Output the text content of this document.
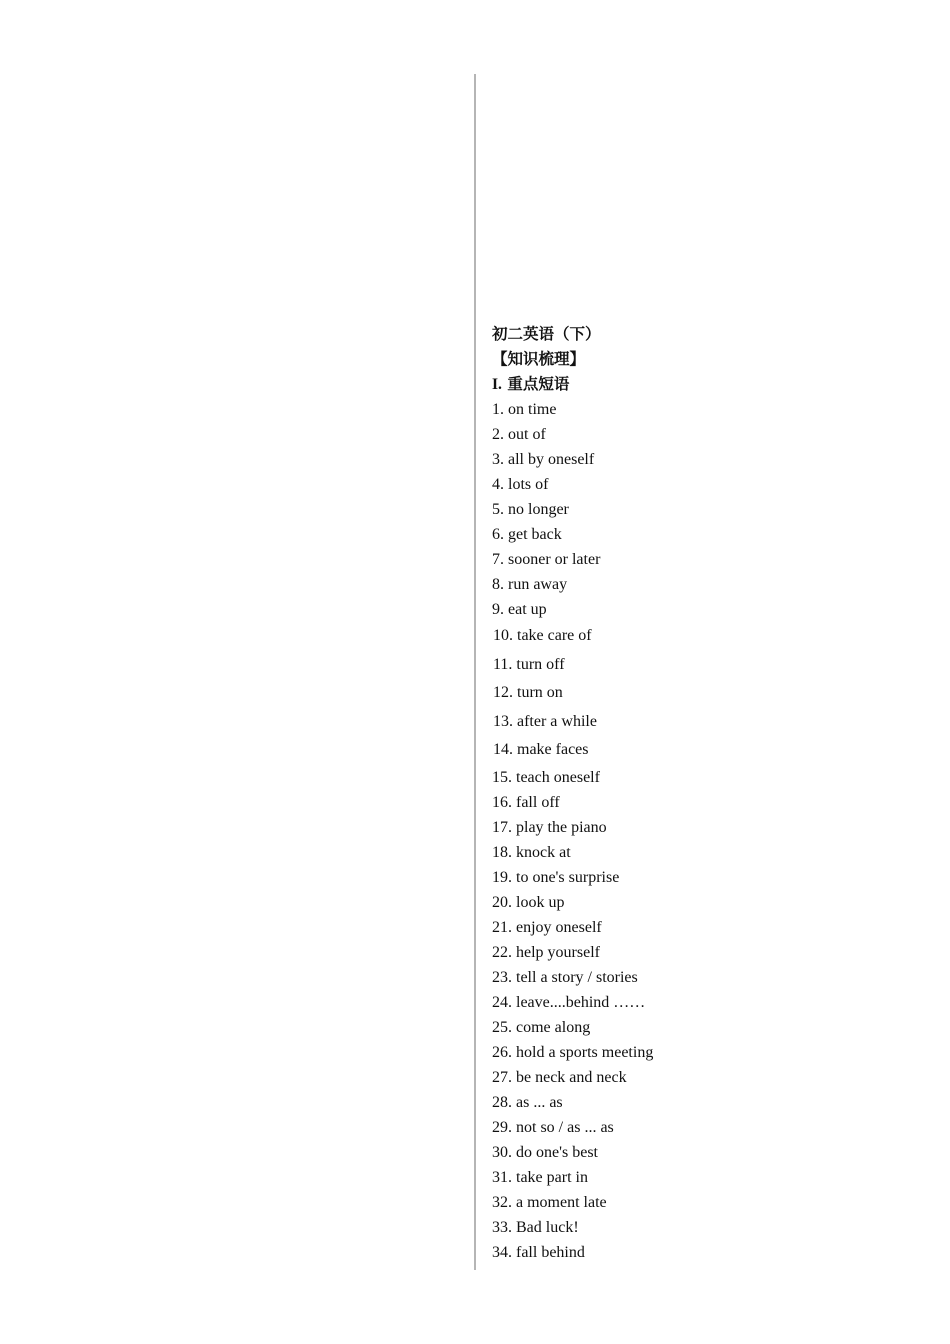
初二英语（下）
【知识梳理】
I. 重点短语
1. on time
2. out of
3. all by oneself
4. lots of
5. no longer
6. get back
7. sooner or later
8. run away
9. eat up
10. take care of
11. turn off
12. turn on
13. after a while
14. make faces
15. teach oneself
16. fall off
17. play the piano
18. knock at
19. to one's surprise
20. look up
21. enjoy oneself
22. help yourself
23. tell a story / stories
24. leave....behind ……
25. come along
26. hold a sports meeting
27. be neck and neck
28. as ... as
29. not so / as ... as
30. do one's best
31. take part in
32. a moment late
33. Bad luck!
34. fall behind
